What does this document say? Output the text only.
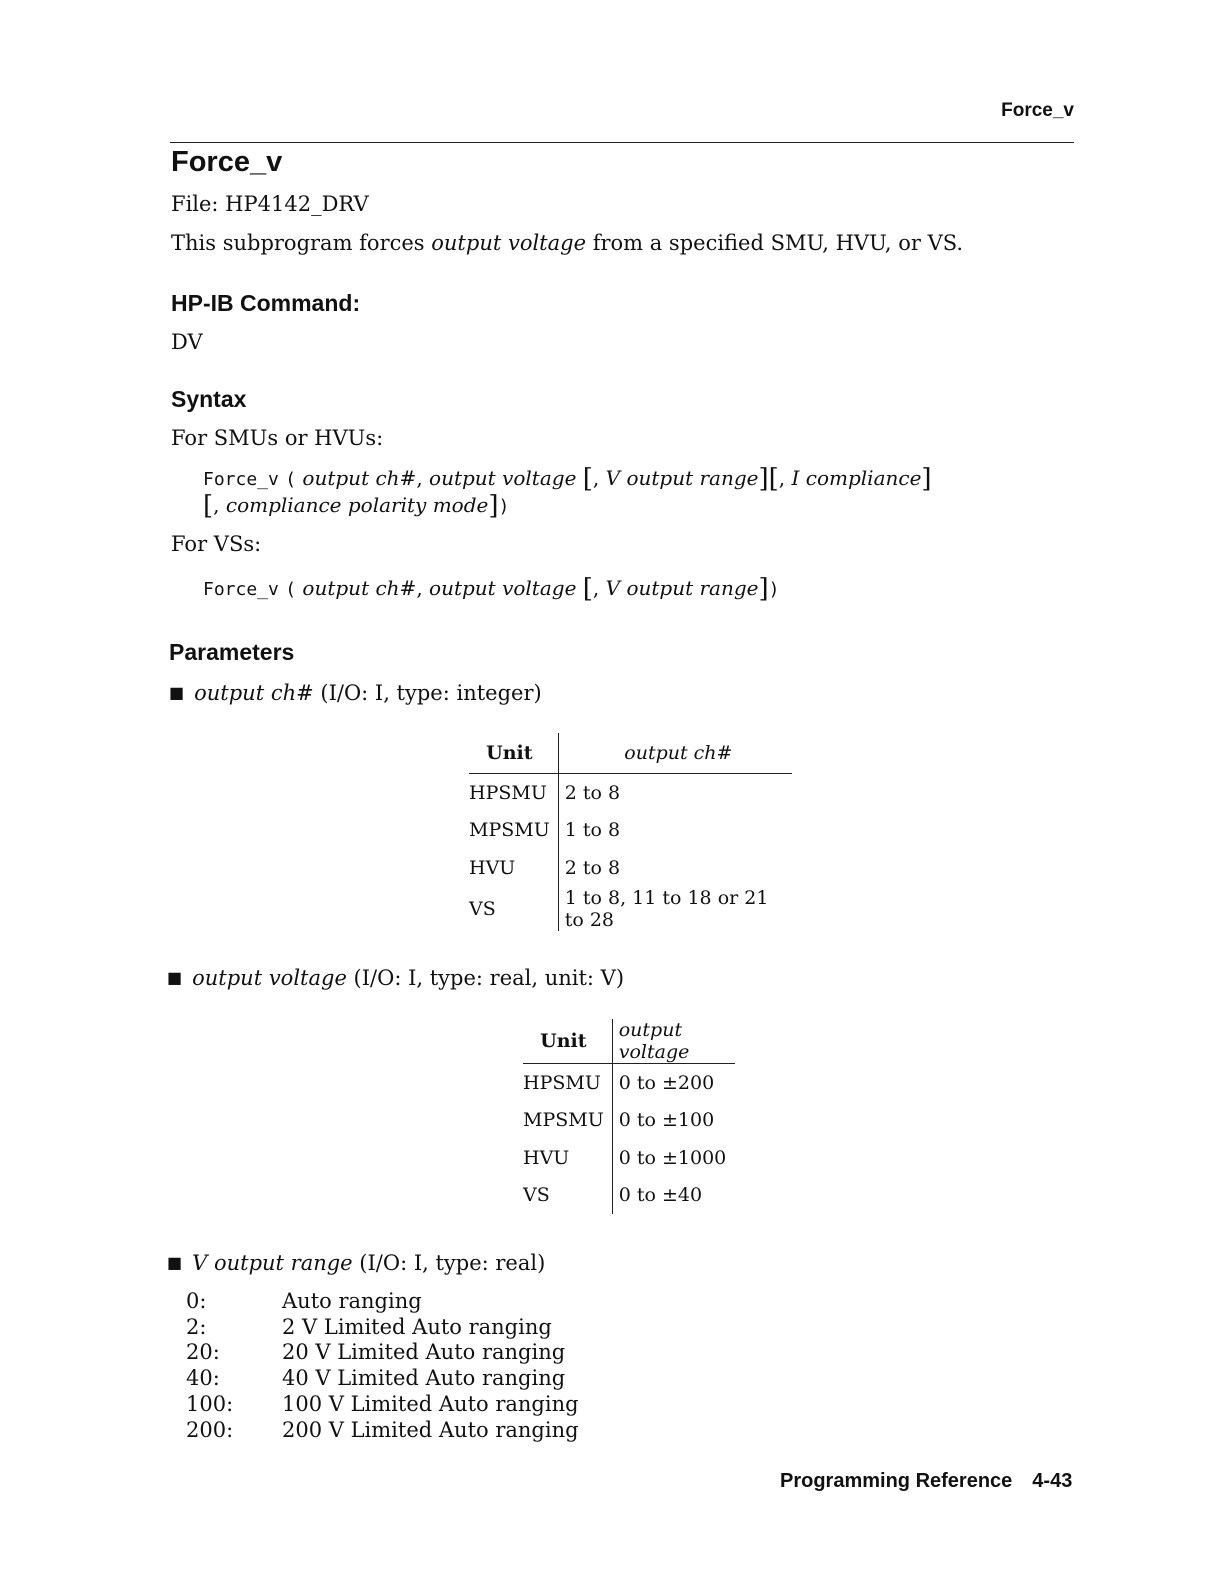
Force_v
Force_v
File: HP4142_DRV
This subprogram forces output voltage from a specified SMU, HVU, or VS.
HP-IB Command:
DV
Syntax
For SMUs or HVUs:
Force_v ( output ch#, output voltage [, V output range][, I compliance]
[, compliance polarity mode])
For VSs:
Force_v ( output ch#, output voltage [, V output range])
Parameters
■ output ch# (I/O: I, type: integer)
Unit	output ch#
HPSMU	2 to 8
MPSMU	1 to 8
HVU	2 to 8
VS	1 to 8, 11 to 18 or 21 to 28
■ output voltage (I/O: I, type: real, unit: V)
Unit	output voltage
HPSMU	0 to ±200
MPSMU	0 to ±100
HVU	0 to ±1000
VS	0 to ±40
■ V output range (I/O: I, type: real)
0:	Auto ranging
2:	2 V Limited Auto ranging
20:	20 V Limited Auto ranging
40:	40 V Limited Auto ranging
100:	100 V Limited Auto ranging
200:	200 V Limited Auto ranging
Programming Reference 4-43
